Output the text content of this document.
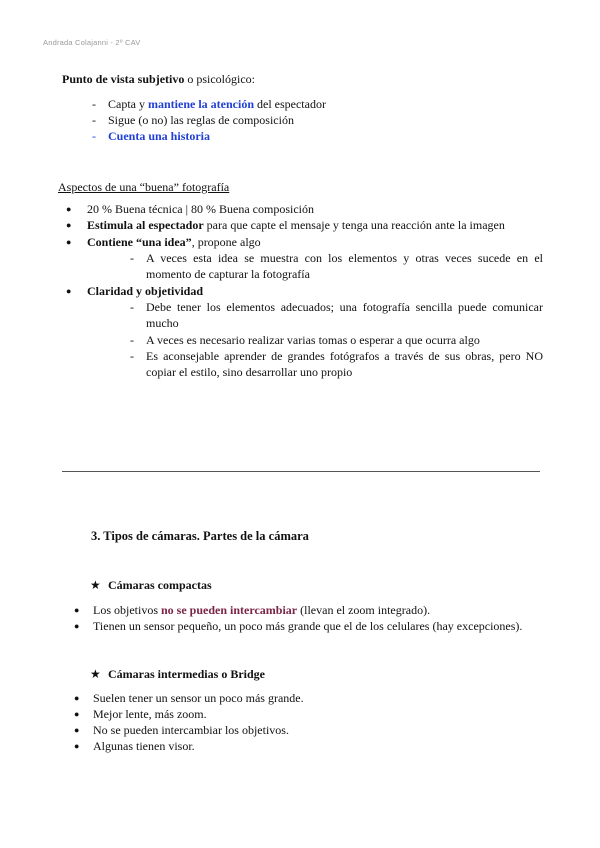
Andrada Colajanni - 2º CAV
Punto de vista subjetivo o psicológico:
- Capta y mantiene la atención del espectador
- Sigue (o no) las reglas de composición
- Cuenta una historia
Aspectos de una “buena” fotografía
● 20 % Buena técnica | 80 % Buena composición
● Estimula al espectador para que capte el mensaje y tenga una reacción ante la imagen
● Contiene “una idea”, propone algo
- A veces esta idea se muestra con los elementos y otras veces sucede en el momento de capturar la fotografía
● Claridad y objetividad
- Debe tener los elementos adecuados; una fotografía sencilla puede comunicar mucho
- A veces es necesario realizar varias tomas o esperar a que ocurra algo
- Es aconsejable aprender de grandes fotógrafos a través de sus obras, pero NO copiar el estilo, sino desarrollar uno propio
3. Tipos de cámaras. Partes de la cámara
★ Cámaras compactas
● Los objetivos no se pueden intercambiar (llevan el zoom integrado).
● Tienen un sensor pequeño, un poco más grande que el de los celulares (hay excepciones).
★ Cámaras intermedias o Bridge
● Suelen tener un sensor un poco más grande.
● Mejor lente, más zoom.
● No se pueden intercambiar los objetivos.
● Algunas tienen visor.
